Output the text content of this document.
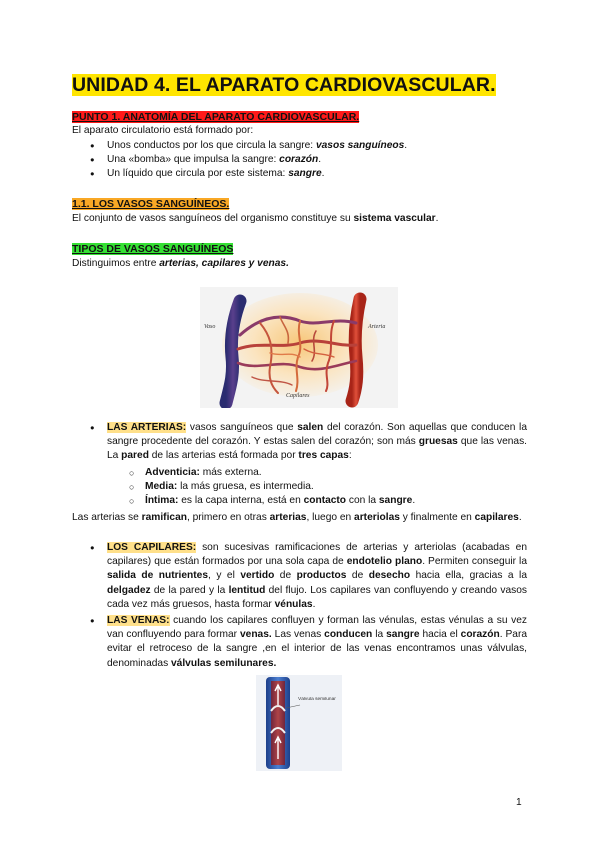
UNIDAD 4. EL APARATO CARDIOVASCULAR.
PUNTO 1. ANATOMÍA DEL APARATO CARDIOVASCULAR.
El aparato circulatorio está formado por:
● Unos conductos por los que circula la sangre: vasos sanguíneos.
● Una «bomba» que impulsa la sangre: corazón.
● Un líquido que circula por este sistema: sangre.
1.1. LOS VASOS SANGUÍNEOS.
El conjunto de vasos sanguíneos del organismo constituye su sistema vascular.
TIPOS DE VASOS SANGUÍNEOS
Distinguimos entre arterias, capilares y venas.
Vaso	Arteria
Capilares
● LAS ARTERIAS: vasos sanguíneos que salen del corazón. Son aquellas que conducen la sangre procedente del corazón. Y estas salen del corazón; son más gruesas que las venas. La pared de las arterias está formada por tres capas:
○ Adventicia: más externa.
○ Media: la más gruesa, es intermedia.
○ Íntima: es la capa interna, está en contacto con la sangre.
Las arterias se ramifican, primero en otras arterias, luego en arteriolas y finalmente en capilares.
● LOS CAPILARES: son sucesivas ramificaciones de arterias y arteriolas (acabadas en capilares) que están formados por una sola capa de endotelio plano. Permiten conseguir la salida de nutrientes, y el vertido de productos de desecho hacia ella, gracias a la delgadez de la pared y la lentitud del flujo. Los capilares van confluyendo y creando vasos cada vez más gruesos, hasta formar vénulas.
● LAS VENAS: cuando los capilares confluyen y forman las vénulas, estas vénulas a su vez van confluyendo para formar venas. Las venas conducen la sangre hacia el corazón. Para evitar el retroceso de la sangre ,en el interior de las venas encontramos unas válvulas, denominadas válvulas semilunares.
Válvula semilunar
1
